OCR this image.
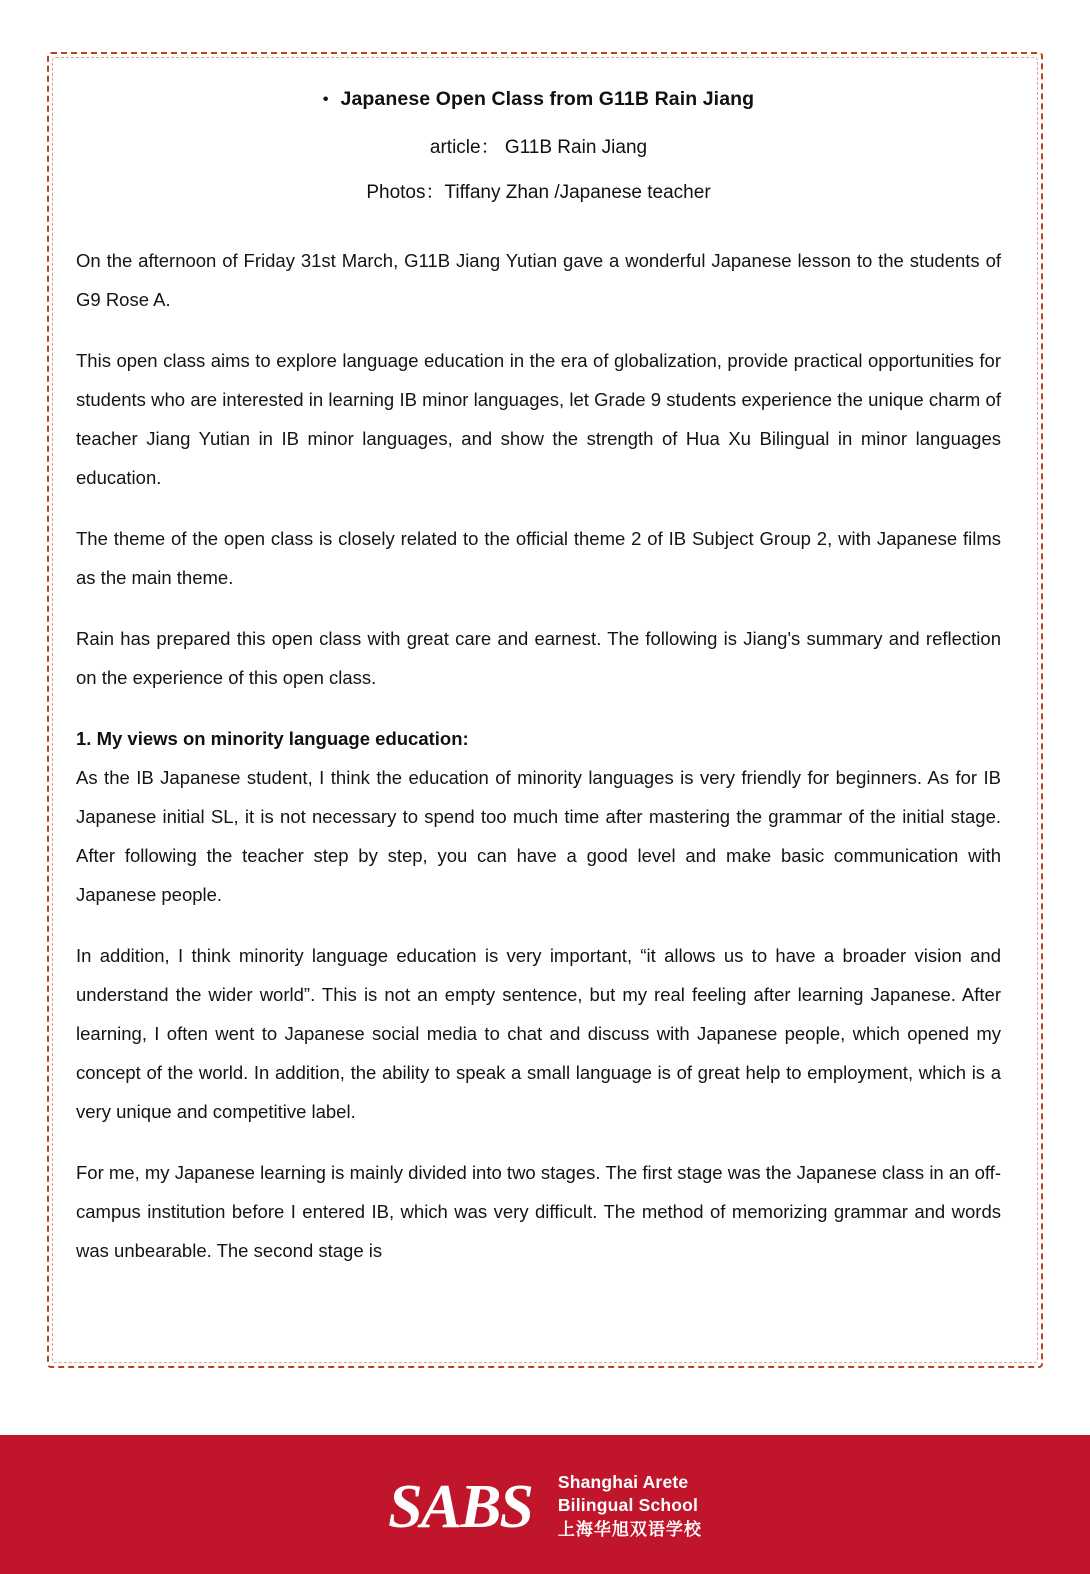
• Japanese Open Class from G11B Rain Jiang
article： G11B Rain Jiang
Photos：Tiffany Zhan /Japanese teacher

On the afternoon of Friday 31st March, G11B Jiang Yutian gave a wonderful Japanese lesson to the students of G9 Rose A.

This open class aims to explore language education in the era of globalization, provide practical opportunities for students who are interested in learning IB minor languages, let Grade 9 students experience the unique charm of teacher Jiang Yutian in IB minor languages, and show the strength of Hua Xu Bilingual in minor languages education.

The theme of the open class is closely related to the official theme 2 of IB Subject Group 2, with Japanese films as the main theme.

Rain has prepared this open class with great care and earnest. The following is Jiang's summary and reflection on the experience of this open class.

1. My views on minority language education:

As the IB Japanese student, I think the education of minority languages is very friendly for beginners. As for IB Japanese initial SL, it is not necessary to spend too much time after mastering the grammar of the initial stage. After following the teacher step by step, you can have a good level and make basic communication with Japanese people.

In addition, I think minority language education is very important, “it allows us to have a broader vision and understand the wider world”. This is not an empty sentence, but my real feeling after learning Japanese. After learning, I often went to Japanese social media to chat and discuss with Japanese people, which opened my concept of the world. In addition, the ability to speak a small language is of great help to employment, which is a very unique and competitive label.

For me, my Japanese learning is mainly divided into two stages. The first stage was the Japanese class in an off-campus institution before I entered IB, which was very difficult. The method of memorizing grammar and words was unbearable. The second stage is

SABS Shanghai Arete
Bilingual School
上海华旭双语学校
